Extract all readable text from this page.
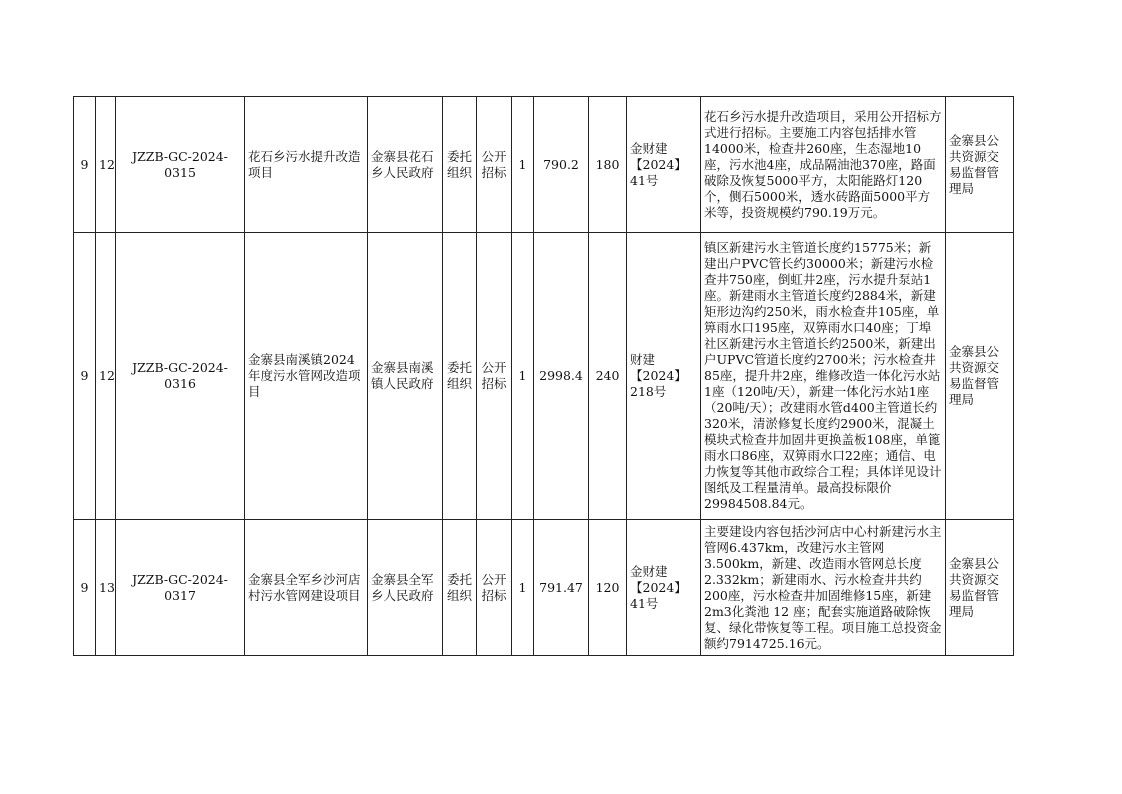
9	12	JZZB-GC-2024-0315	花石乡污水提升改造项目	金寨县花石乡人民政府	委托组织	公开招标	1	790.2	180	金财建【2024】41号	花石乡污水提升改造项目，采用公开招标方式进行招标。主要施工内容包括排水管14000米，检查井260座，生态湿地10座，污水池4座，成品隔油池370座，路面破除及恢复5000平方，太阳能路灯120个，侧石5000米，透水砖路面5000平方米等，投资规模约790.19万元。	金寨县公共资源交易监督管理局
9	12	JZZB-GC-2024-0316	金寨县南溪镇2024年度污水管网改造项目	金寨县南溪镇人民政府	委托组织	公开招标	1	2998.4	240	财建【2024】218号	镇区新建污水主管道长度约15775米；新建出户PVC管长约30000米；新建污水检查井750座，倒虹井2座，污水提升泵站1座。新建雨水主管道长度约2884米，新建矩形边沟约250米，雨水检查井105座，单箅雨水口195座，双箅雨水口40座；丁埠社区新建污水主管道长约2500米，新建出户UPVC管道长度约2700米；污水检查井85座，提升井2座，维修改造一体化污水站1座（120吨/天），新建一体化污水站1座（20吨/天）；改建雨水管d400主管道长约320米，清淤修复长度约2900米，混凝土模块式检查井加固井更换盖板108座，单篦雨水口86座，双箅雨水口22座；通信、电力恢复等其他市政综合工程；具体详见设计图纸及工程量清单。最高投标限价29984508.84元。	金寨县公共资源交易监督管理局
9	13	JZZB-GC-2024-0317	金寨县全军乡沙河店村污水管网建设项目	金寨县全军乡人民政府	委托组织	公开招标	1	791.47	120	金财建【2024】41号	主要建设内容包括沙河店中心村新建污水主管网6.437km，改建污水主管网3.500km，新建、改造雨水管网总长度2.332km；新建雨水、污水检查井共约200座，污水检查井加固维修15座，新建 2m3化粪池 12 座；配套实施道路破除恢复、绿化带恢复等工程。项目施工总投资金额约7914725.16元。	金寨县公共资源交易监督管理局
